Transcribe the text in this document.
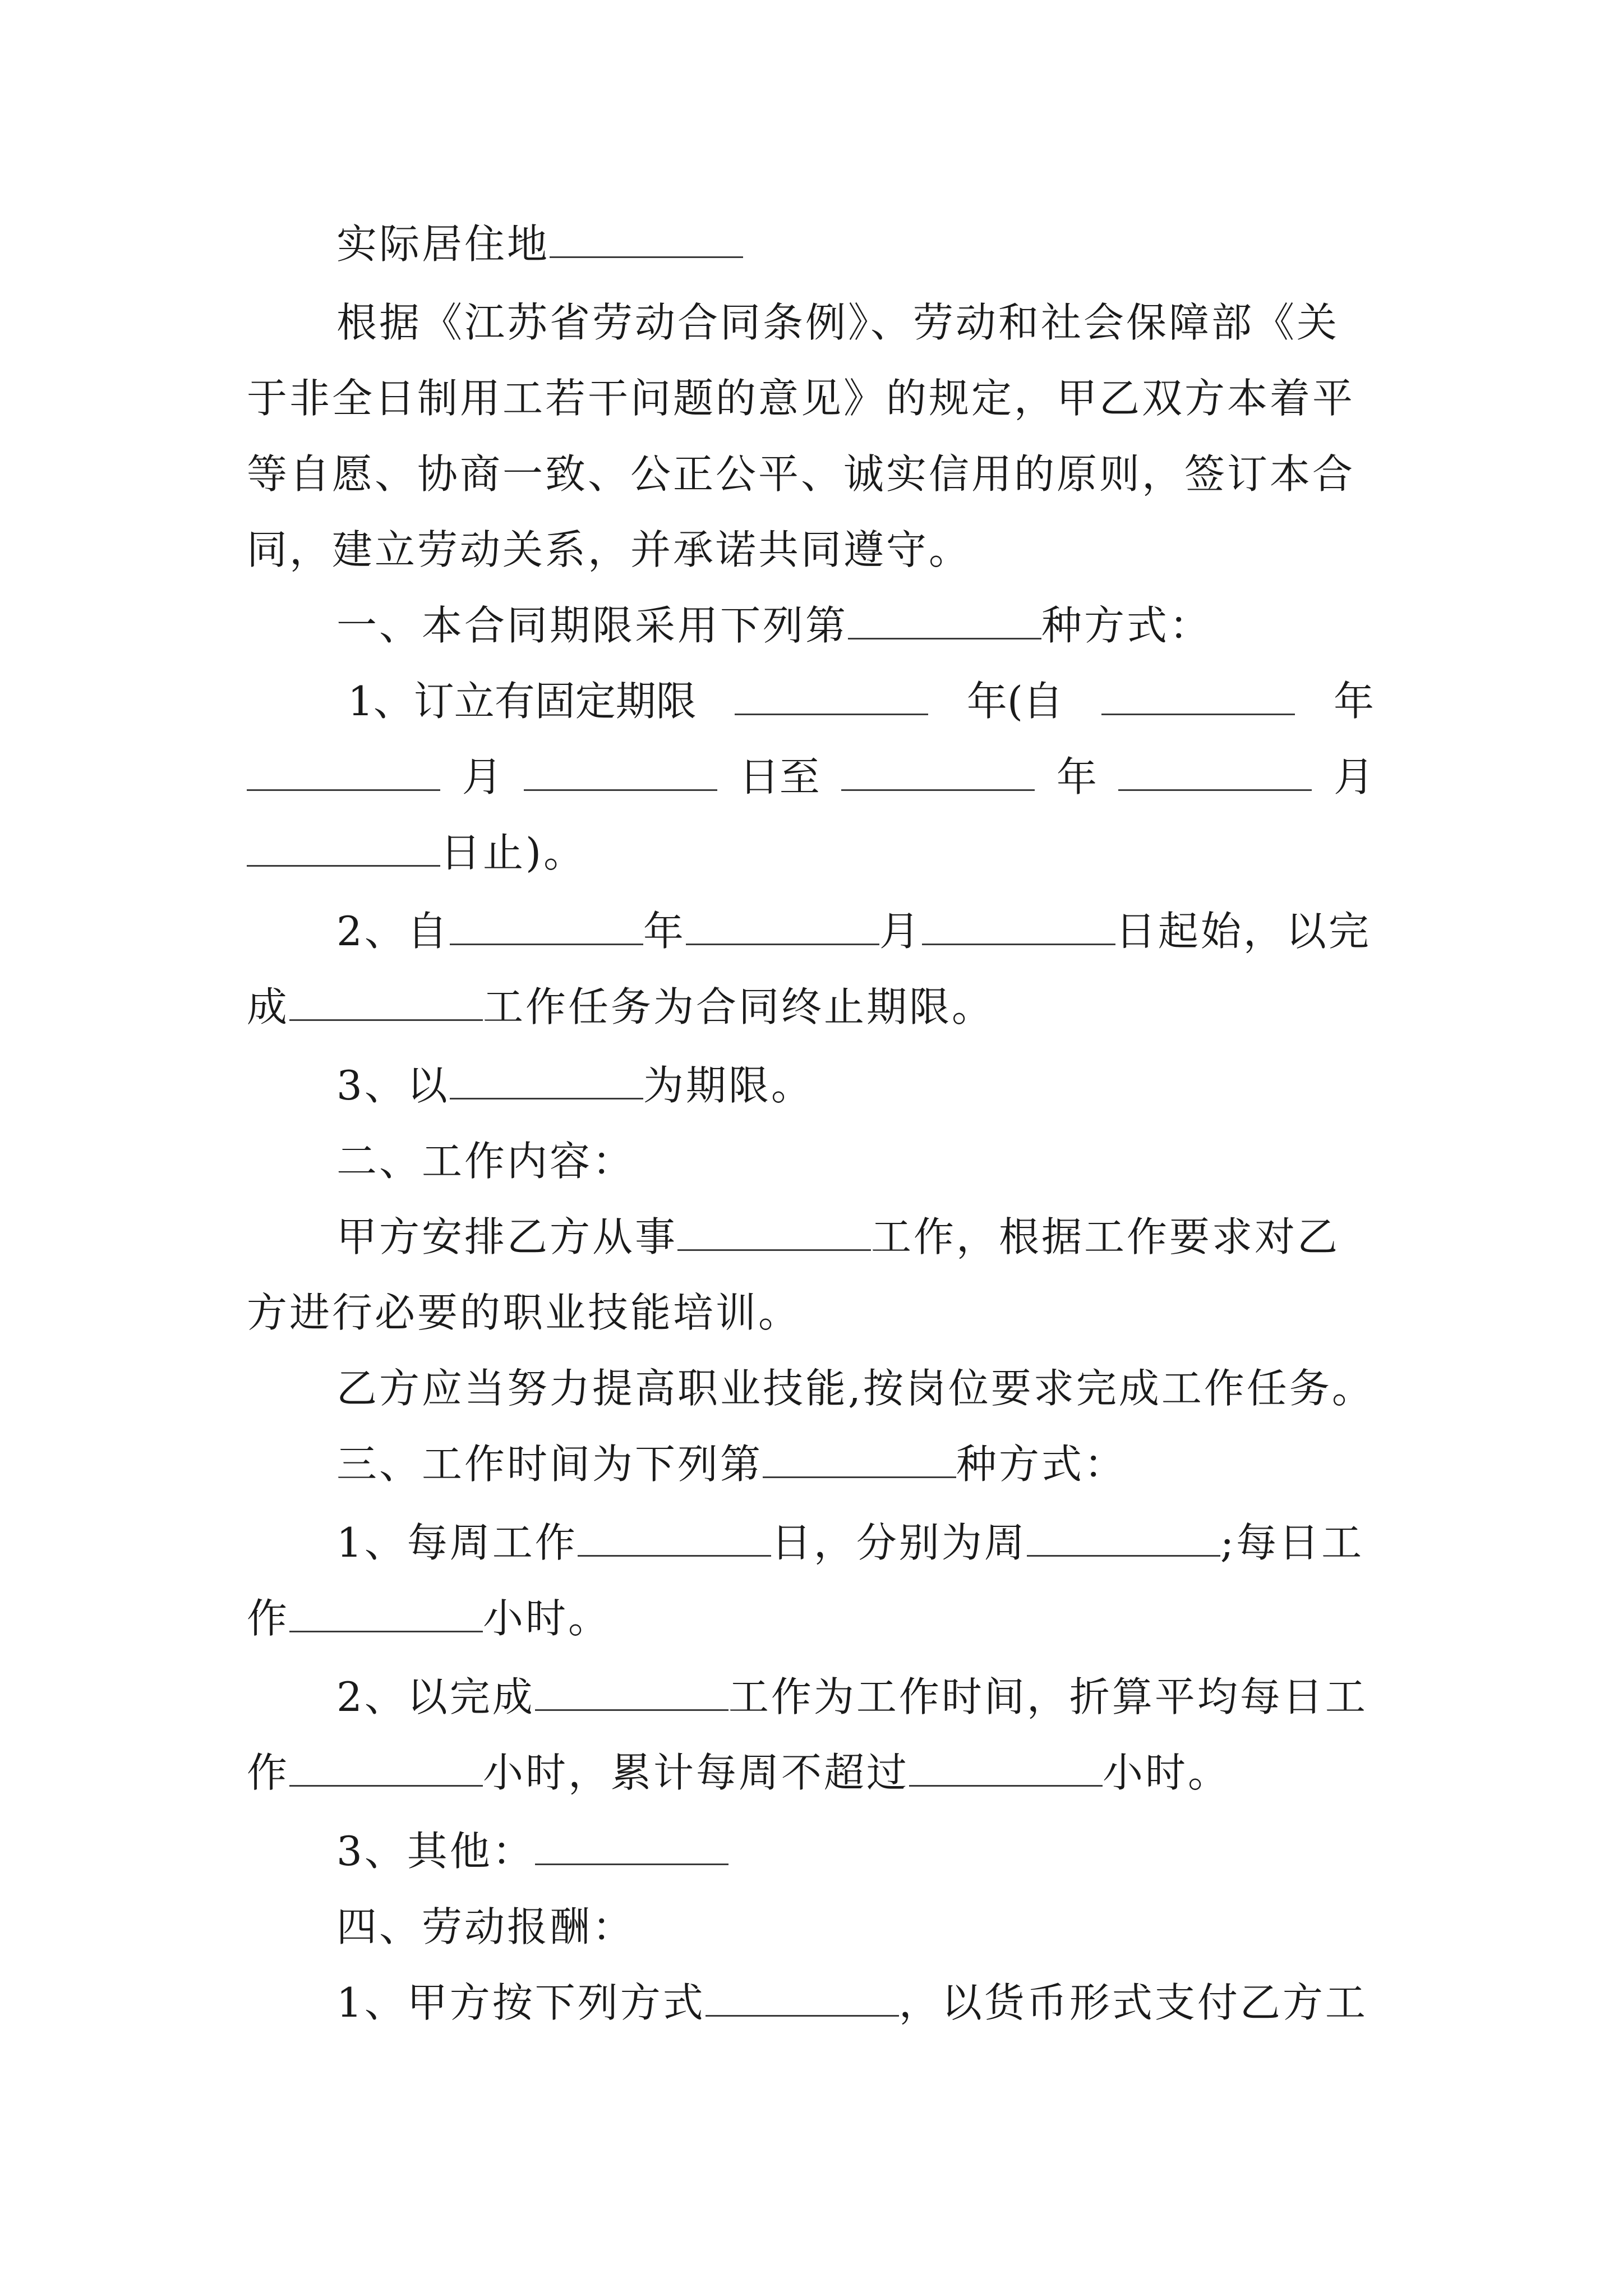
实际居住地
根据《江苏省劳动合同条例》、劳动和社会保障部《关
于非全日制用工若干问题的意见》的规定，甲乙双方本着平
等自愿、协商一致、公正公平、诚实信用的原则，签订本合
同，建立劳动关系，并承诺共同遵守。
一、本合同期限采用下列第	种方式：
1、订立有固定期限	年(自	年
月	日至	年	月
日止)。
2、自	年	月	日起始，以完
成	工作任务为合同终止期限。
3、以	为期限。
二、工作内容：
甲方安排乙方从事	工作，根据工作要求对乙
方进行必要的职业技能培训。
乙方应当努力提高职业技能,按岗位要求完成工作任务。
三、工作时间为下列第	种方式：
1、每周工作	日，分别为周	;每日工
作	小时。
2、以完成	工作为工作时间，折算平均每日工
作	小时，累计每周不超过	小时。
3、其他：
四、劳动报酬：
1、甲方按下列方式	，以货币形式支付乙方工
